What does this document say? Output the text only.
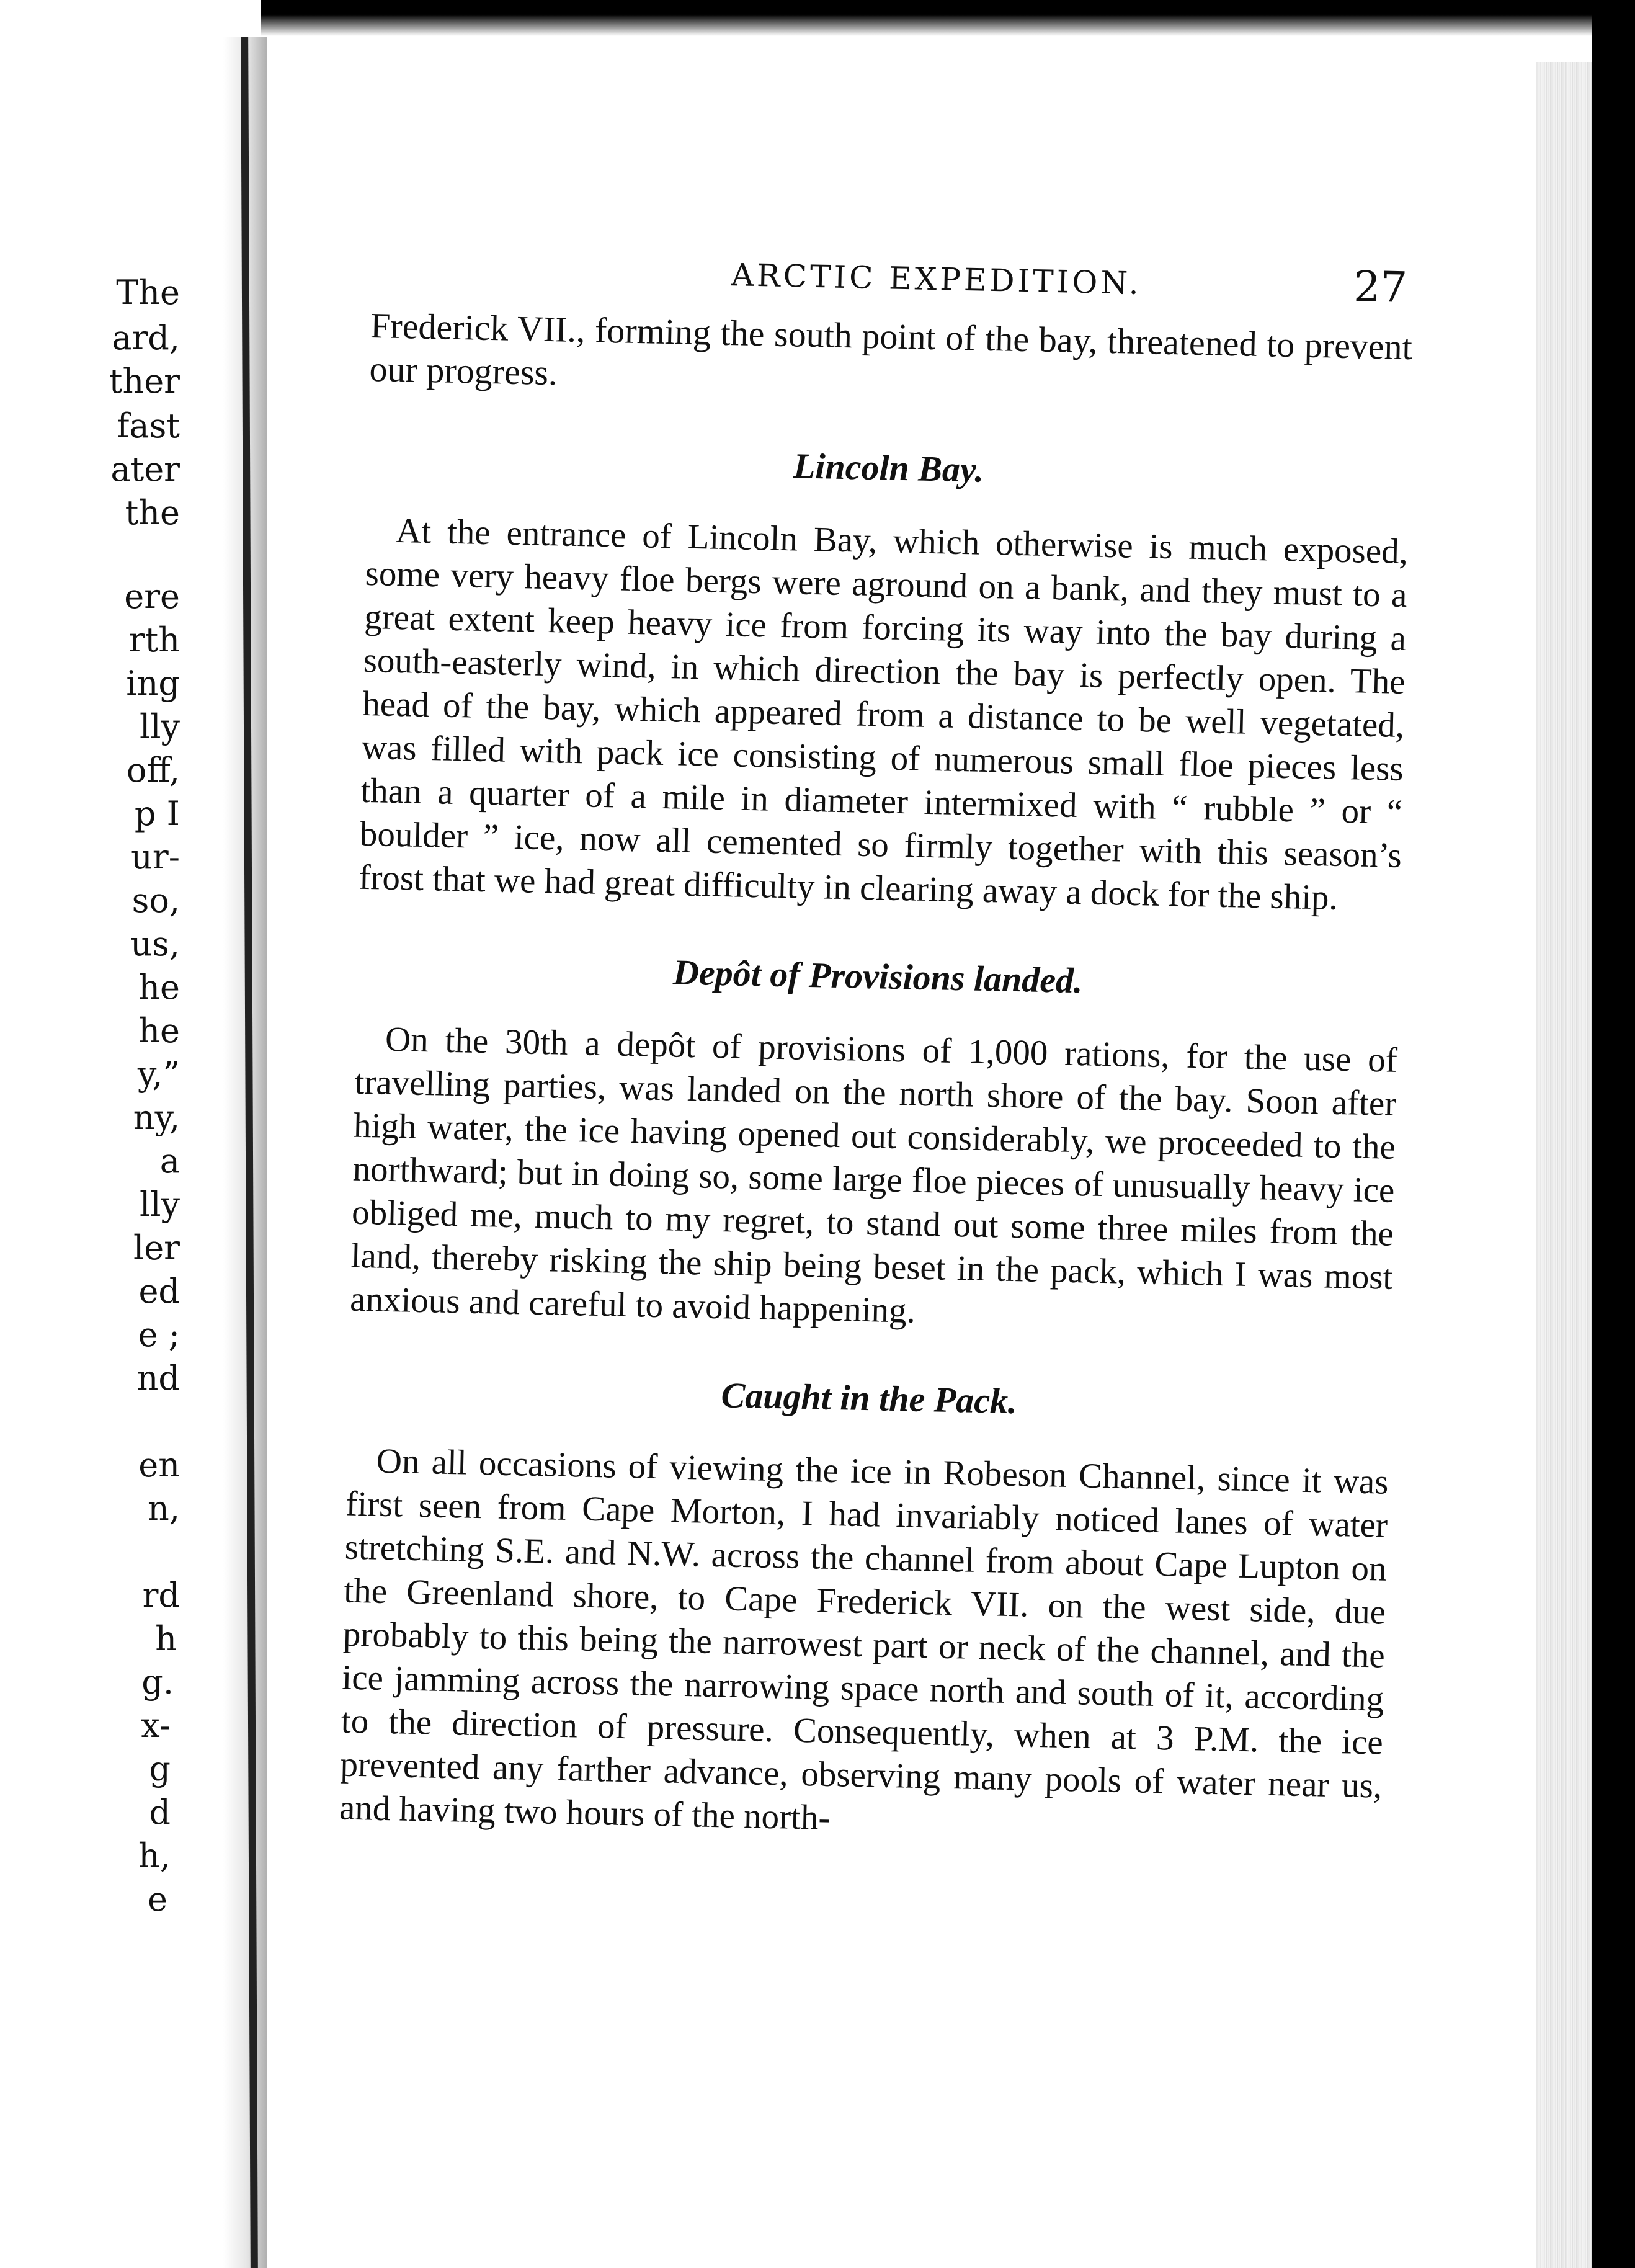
The
ard,
ther
fast
ater
the
ere
rth
ing
lly
off,
p I
ur-
so,
us,
he
he
y,”
ny,
a
lly
ler
ed
e ;
nd
en
n,
rd
h
g.
x-
g
d
h,
e
ARCTIC EXPEDITION.	27

Frederick VII., forming the south point of the bay, threatened to prevent our progress.

Lincoln Bay.

At the entrance of Lincoln Bay, which otherwise is much exposed, some very heavy floe bergs were aground on a bank, and they must to a great extent keep heavy ice from forcing its way into the bay during a south-easterly wind, in which direction the bay is perfectly open. The head of the bay, which appeared from a distance to be well vegetated, was filled with pack ice consisting of numerous small floe pieces less than a quarter of a mile in diameter intermixed with “ rubble ” or “ boulder ” ice, now all cemented so firmly together with this season’s frost that we had great difficulty in clearing away a dock for the ship.

Depôt of Provisions landed.

On the 30th a depôt of provisions of 1,000 rations, for the use of travelling parties, was landed on the north shore of the bay. Soon after high water, the ice having opened out considerably, we proceeded to the northward; but in doing so, some large floe pieces of unusually heavy ice obliged me, much to my regret, to stand out some three miles from the land, thereby risking the ship being beset in the pack, which I was most anxious and careful to avoid happening.

Caught in the Pack.

On all occasions of viewing the ice in Robeson Channel, since it was first seen from Cape Morton, I had invariably noticed lanes of water stretching S.E. and N.W. across the channel from about Cape Lupton on the Greenland shore, to Cape Frederick VII. on the west side, due probably to this being the narrowest part or neck of the channel, and the ice jamming across the narrowing space north and south of it, according to the direction of pressure. Consequently, when at 3 P.M. the ice prevented any farther advance, observing many pools of water near us, and having two hours of the north-
